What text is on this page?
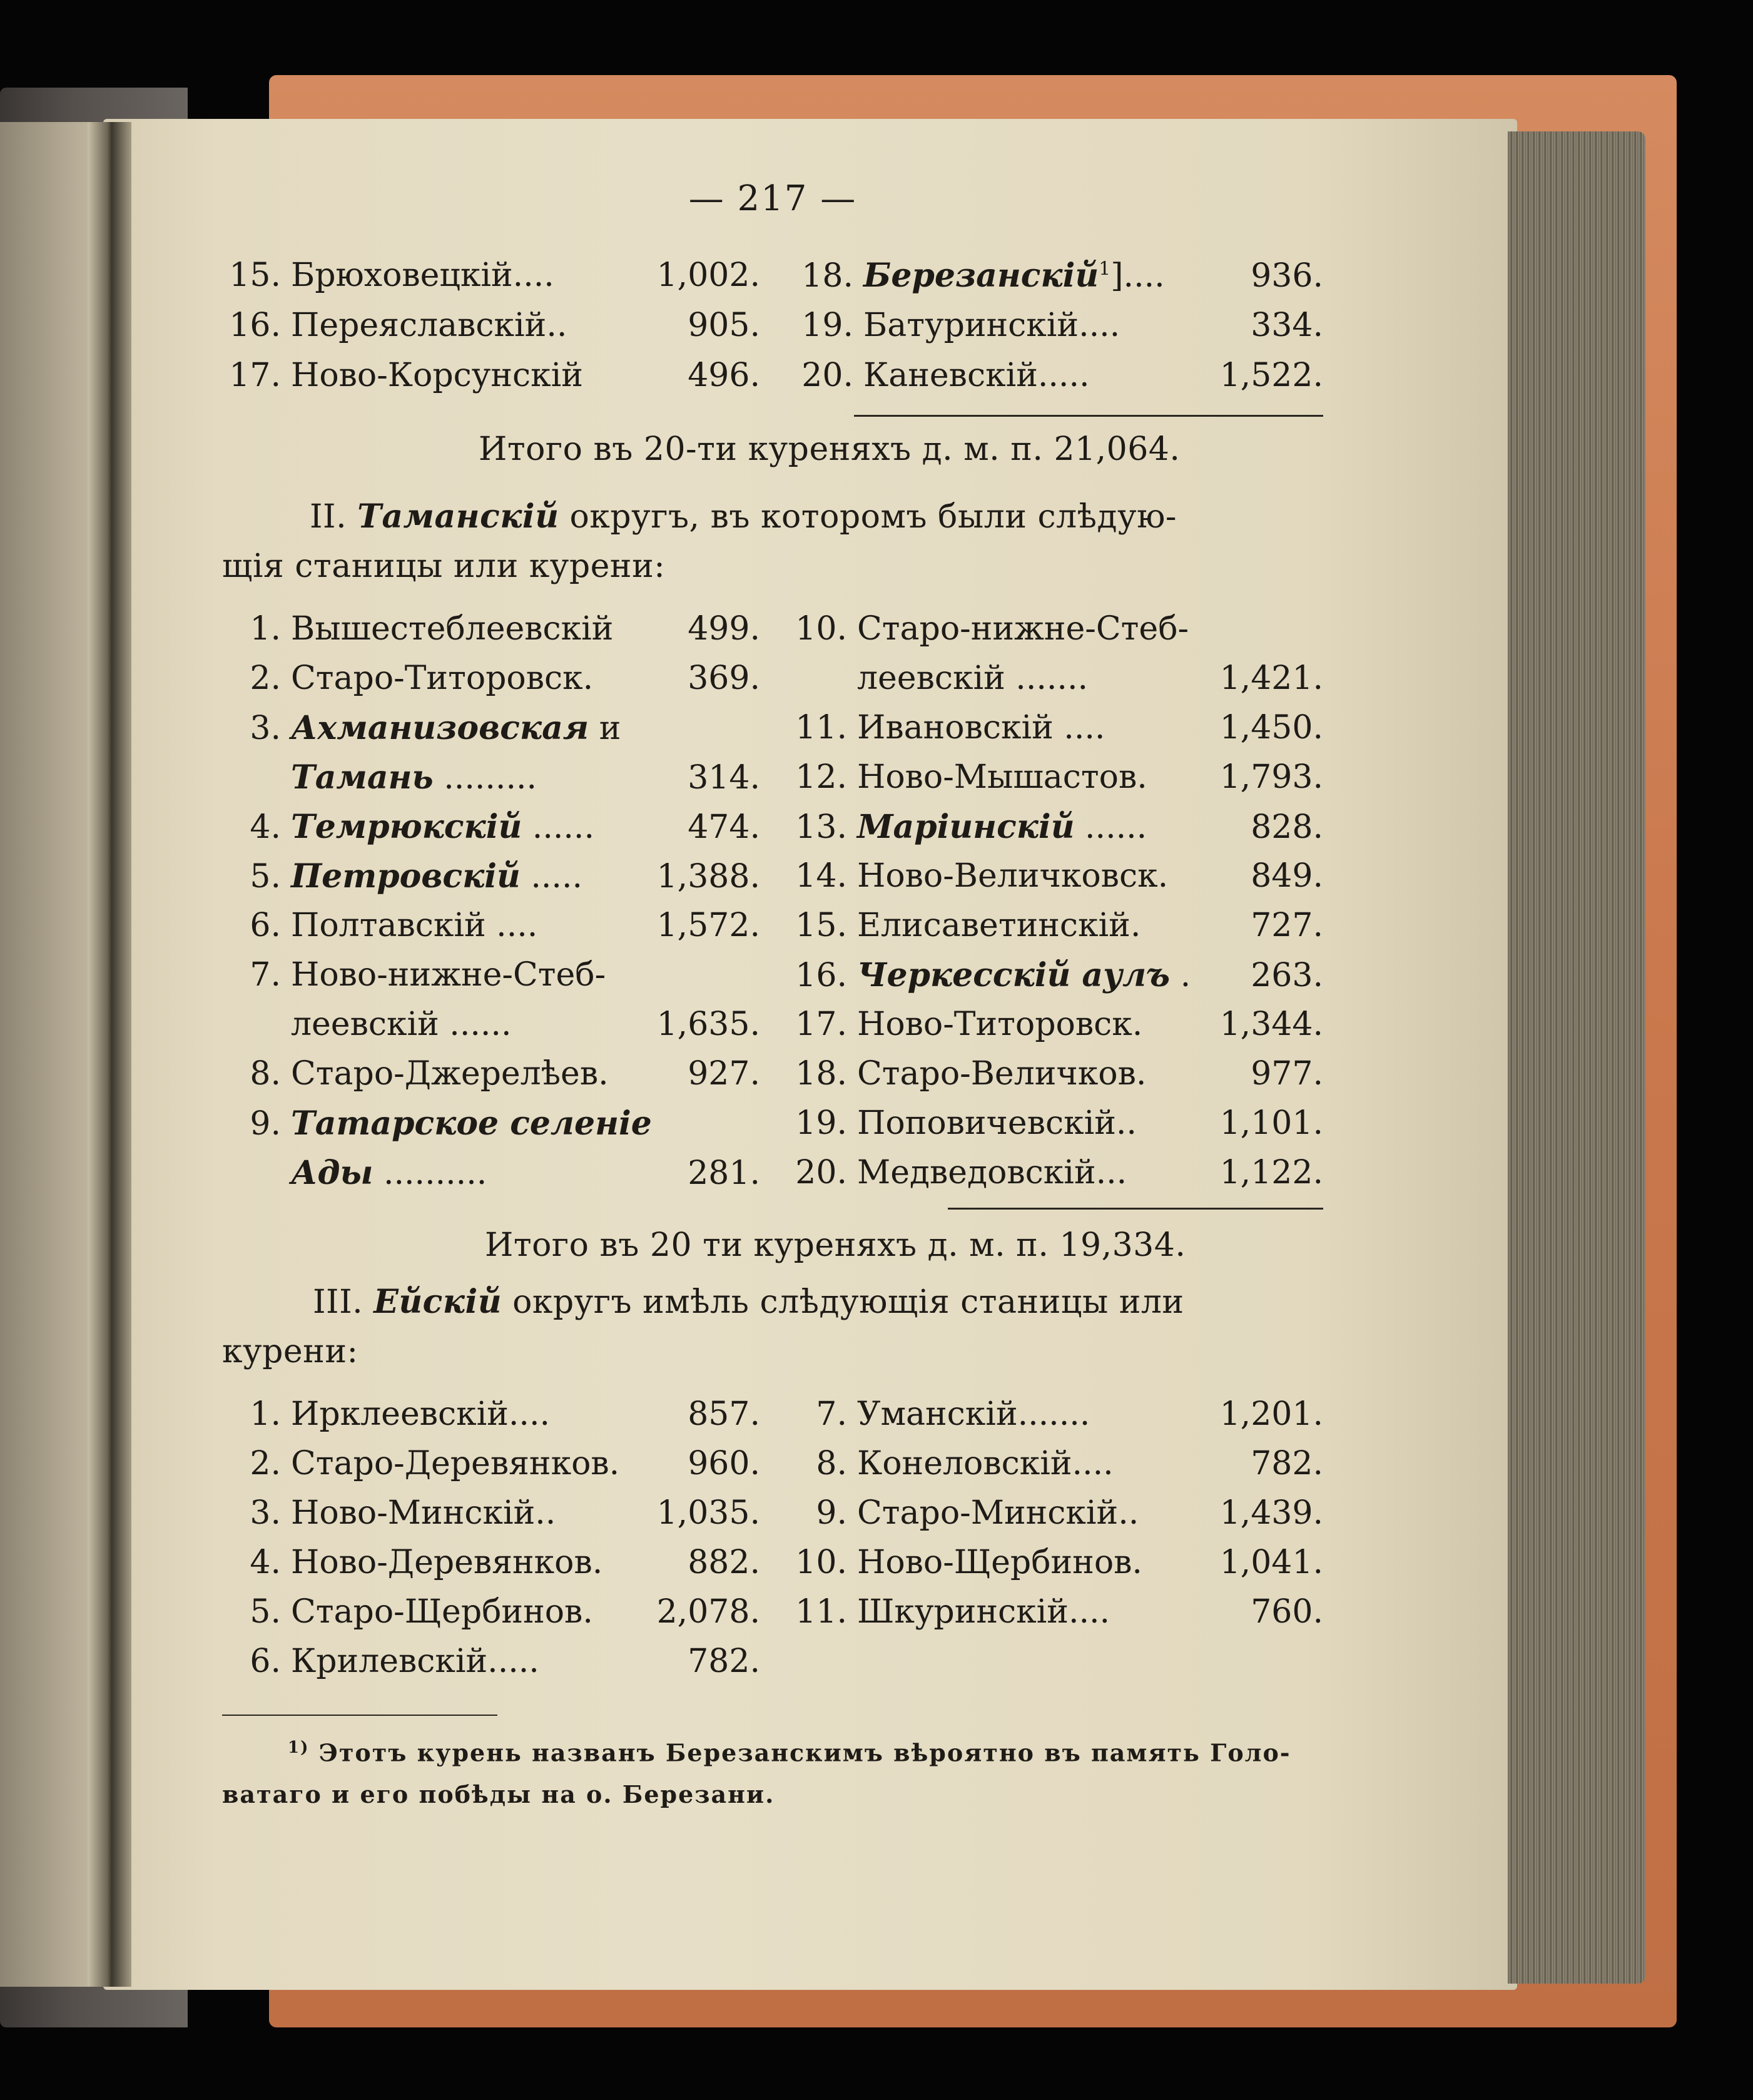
— 217 —
15. Брюховецкій....	1,002. 18. Березанскій$^1$]....	936.
16. Переяславскій..	905. 19. Батуринскій....	334.
17. Ново-Корсунскій	496. 20. Каневскій.....	1,522.
Итого въ 20-ти куреняхъ д. м. п. 21,064.
II. Таманскій округъ, въ которомъ были слѣдую-
щія станицы или курени:
1. Вышестеблеевскій	499.
2. Старо-Титоровск.	369.
3. Ахманизовская и
Тамань .........	314.
4. Темрюкскій ......	474.
5. Петровскій .....	1,388.
6. Полтавскій ....	1,572.
7. Ново-нижне-Стеб-
леевскій ......	1,635.
8. Старо-Джерелѣев.	927.
9. Татарское селеніе
Ады ..........	281.
10. Старо-нижне-Стеб-
леевскій .......	1,421.
11. Ивановскій ....	1,450.
12. Ново-Мышастов.	1,793.
13. Маріинскій ......	828.
14. Ново-Величковск.	849.
15. Елисаветинскій.	727.
16. Черкесскій аулъ .	263.
17. Ново-Титоровск.	1,344.
18. Старо-Величков.	977.
19. Поповичевскій..	1,101.
20. Медведовскій...	1,122.
Итого въ 20 ти куреняхъ д. м. п. 19,334.
III. Ейскій округъ имѣль слѣдующія станицы или
курени:
1. Ирклеевскій....	857.
2. Старо-Деревянков.	960.
3. Ново-Минскій..	1,035.
4. Ново-Деревянков.	882.
5. Старо-Щербинов.	2,078.
6. Крилевскій.....	782.
7. Уманскій.......	1,201.
8. Конеловскій....	782.
9. Старо-Минскій..	1,439.
10. Ново-Щербинов.	1,041.
11. Шкуринскій....	760.
$^{1)}$ Этотъ курень названъ Березанскимъ вѣроятно въ память Голо-
ватаго и его побѣды на о. Березани.
